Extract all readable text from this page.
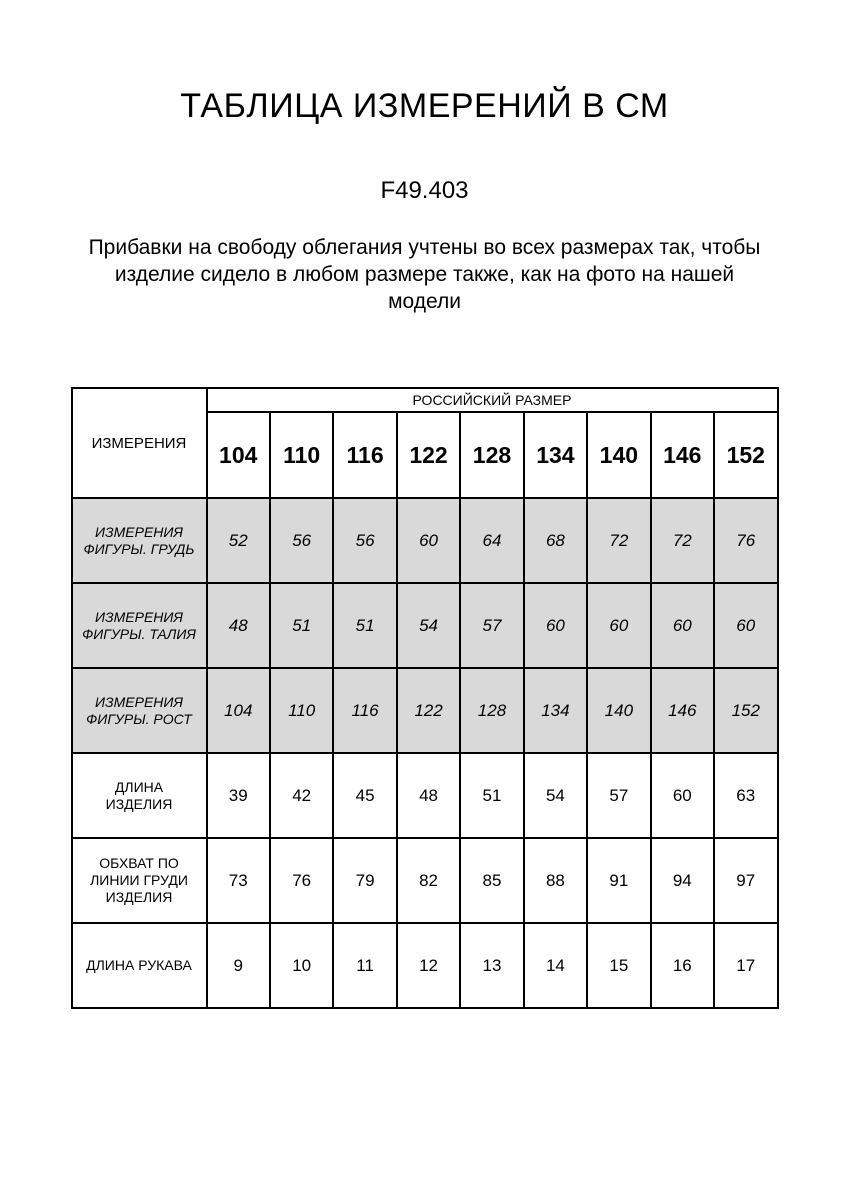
ТАБЛИЦА ИЗМЕРЕНИЙ В СМ
F49.403

Прибавки на свободу облегания учтены во всех размерах так, чтобы изделие сидело в любом размере также, как на фото на нашей модели

ИЗМЕРЕНИЯ	РОССИЙСКИЙ РАЗМЕР								
	104	110	116	122	128	134	140	146	152
ИЗМЕРЕНИЯ ФИГУРЫ. ГРУДЬ	52	56	56	60	64	68	72	72	76
ИЗМЕРЕНИЯ ФИГУРЫ. ТАЛИЯ	48	51	51	54	57	60	60	60	60
ИЗМЕРЕНИЯ ФИГУРЫ. РОСТ	104	110	116	122	128	134	140	146	152
ДЛИНА ИЗДЕЛИЯ	39	42	45	48	51	54	57	60	63
ОБХВАТ ПО ЛИНИИ ГРУДИ ИЗДЕЛИЯ	73	76	79	82	85	88	91	94	97
ДЛИНА РУКАВА	9	10	11	12	13	14	15	16	17
